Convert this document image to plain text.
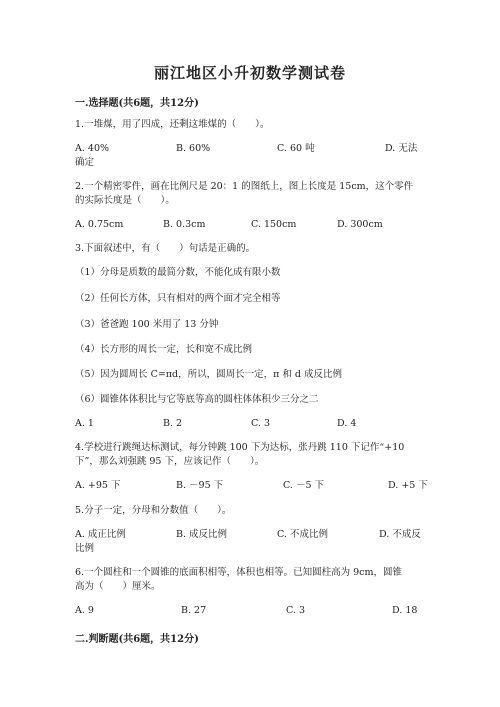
丽江地区小升初数学测试卷
一.选择题(共6题，共12分)
1.一堆煤，用了四成，还剩这堆煤的（　　）。
A. 40%	B. 60%	C. 60 吨	D. 无法
确定
2.一个精密零件，画在比例尺是 20：1 的图纸上，图上长度是 15cm，这个零件
的实际长度是（　　）。
A. 0.75cm	B. 0.3cm	C. 150cm	D. 300cm
3.下面叙述中，有（　　）句话是正确的。
（1）分母是质数的最简分数，不能化成有限小数
（2）任何长方体，只有相对的两个面才完全相等
（3）爸爸跑 100 米用了 13 分钟
（4）长方形的周长一定，长和宽不成比例
（5）因为圆周长 C=πd，所以，圆周长一定，π 和 d 成反比例
（6）圆锥体体积比与它等底等高的圆柱体体积少三分之二
A. 1	B. 2	C. 3	D. 4
4.学校进行跳绳达标测试，每分钟跳 100 下为达标，张丹跳 110 下记作“+10
下”，那么刘强跳 95 下，应该记作（　　）。
A. +95 下	B. －95 下	C. －5 下	D. +5 下
5.分子一定，分母和分数值（　　）。
A. 成正比例	B. 成反比例	C. 不成比例	D. 不成反
比例
6.一个圆柱和一个圆锥的底面积相等，体积也相等。已知圆柱高为 9cm，圆锥
高为（　　）厘米。
A. 9	B. 27	C. 3	D. 18
二.判断题(共6题，共12分)
